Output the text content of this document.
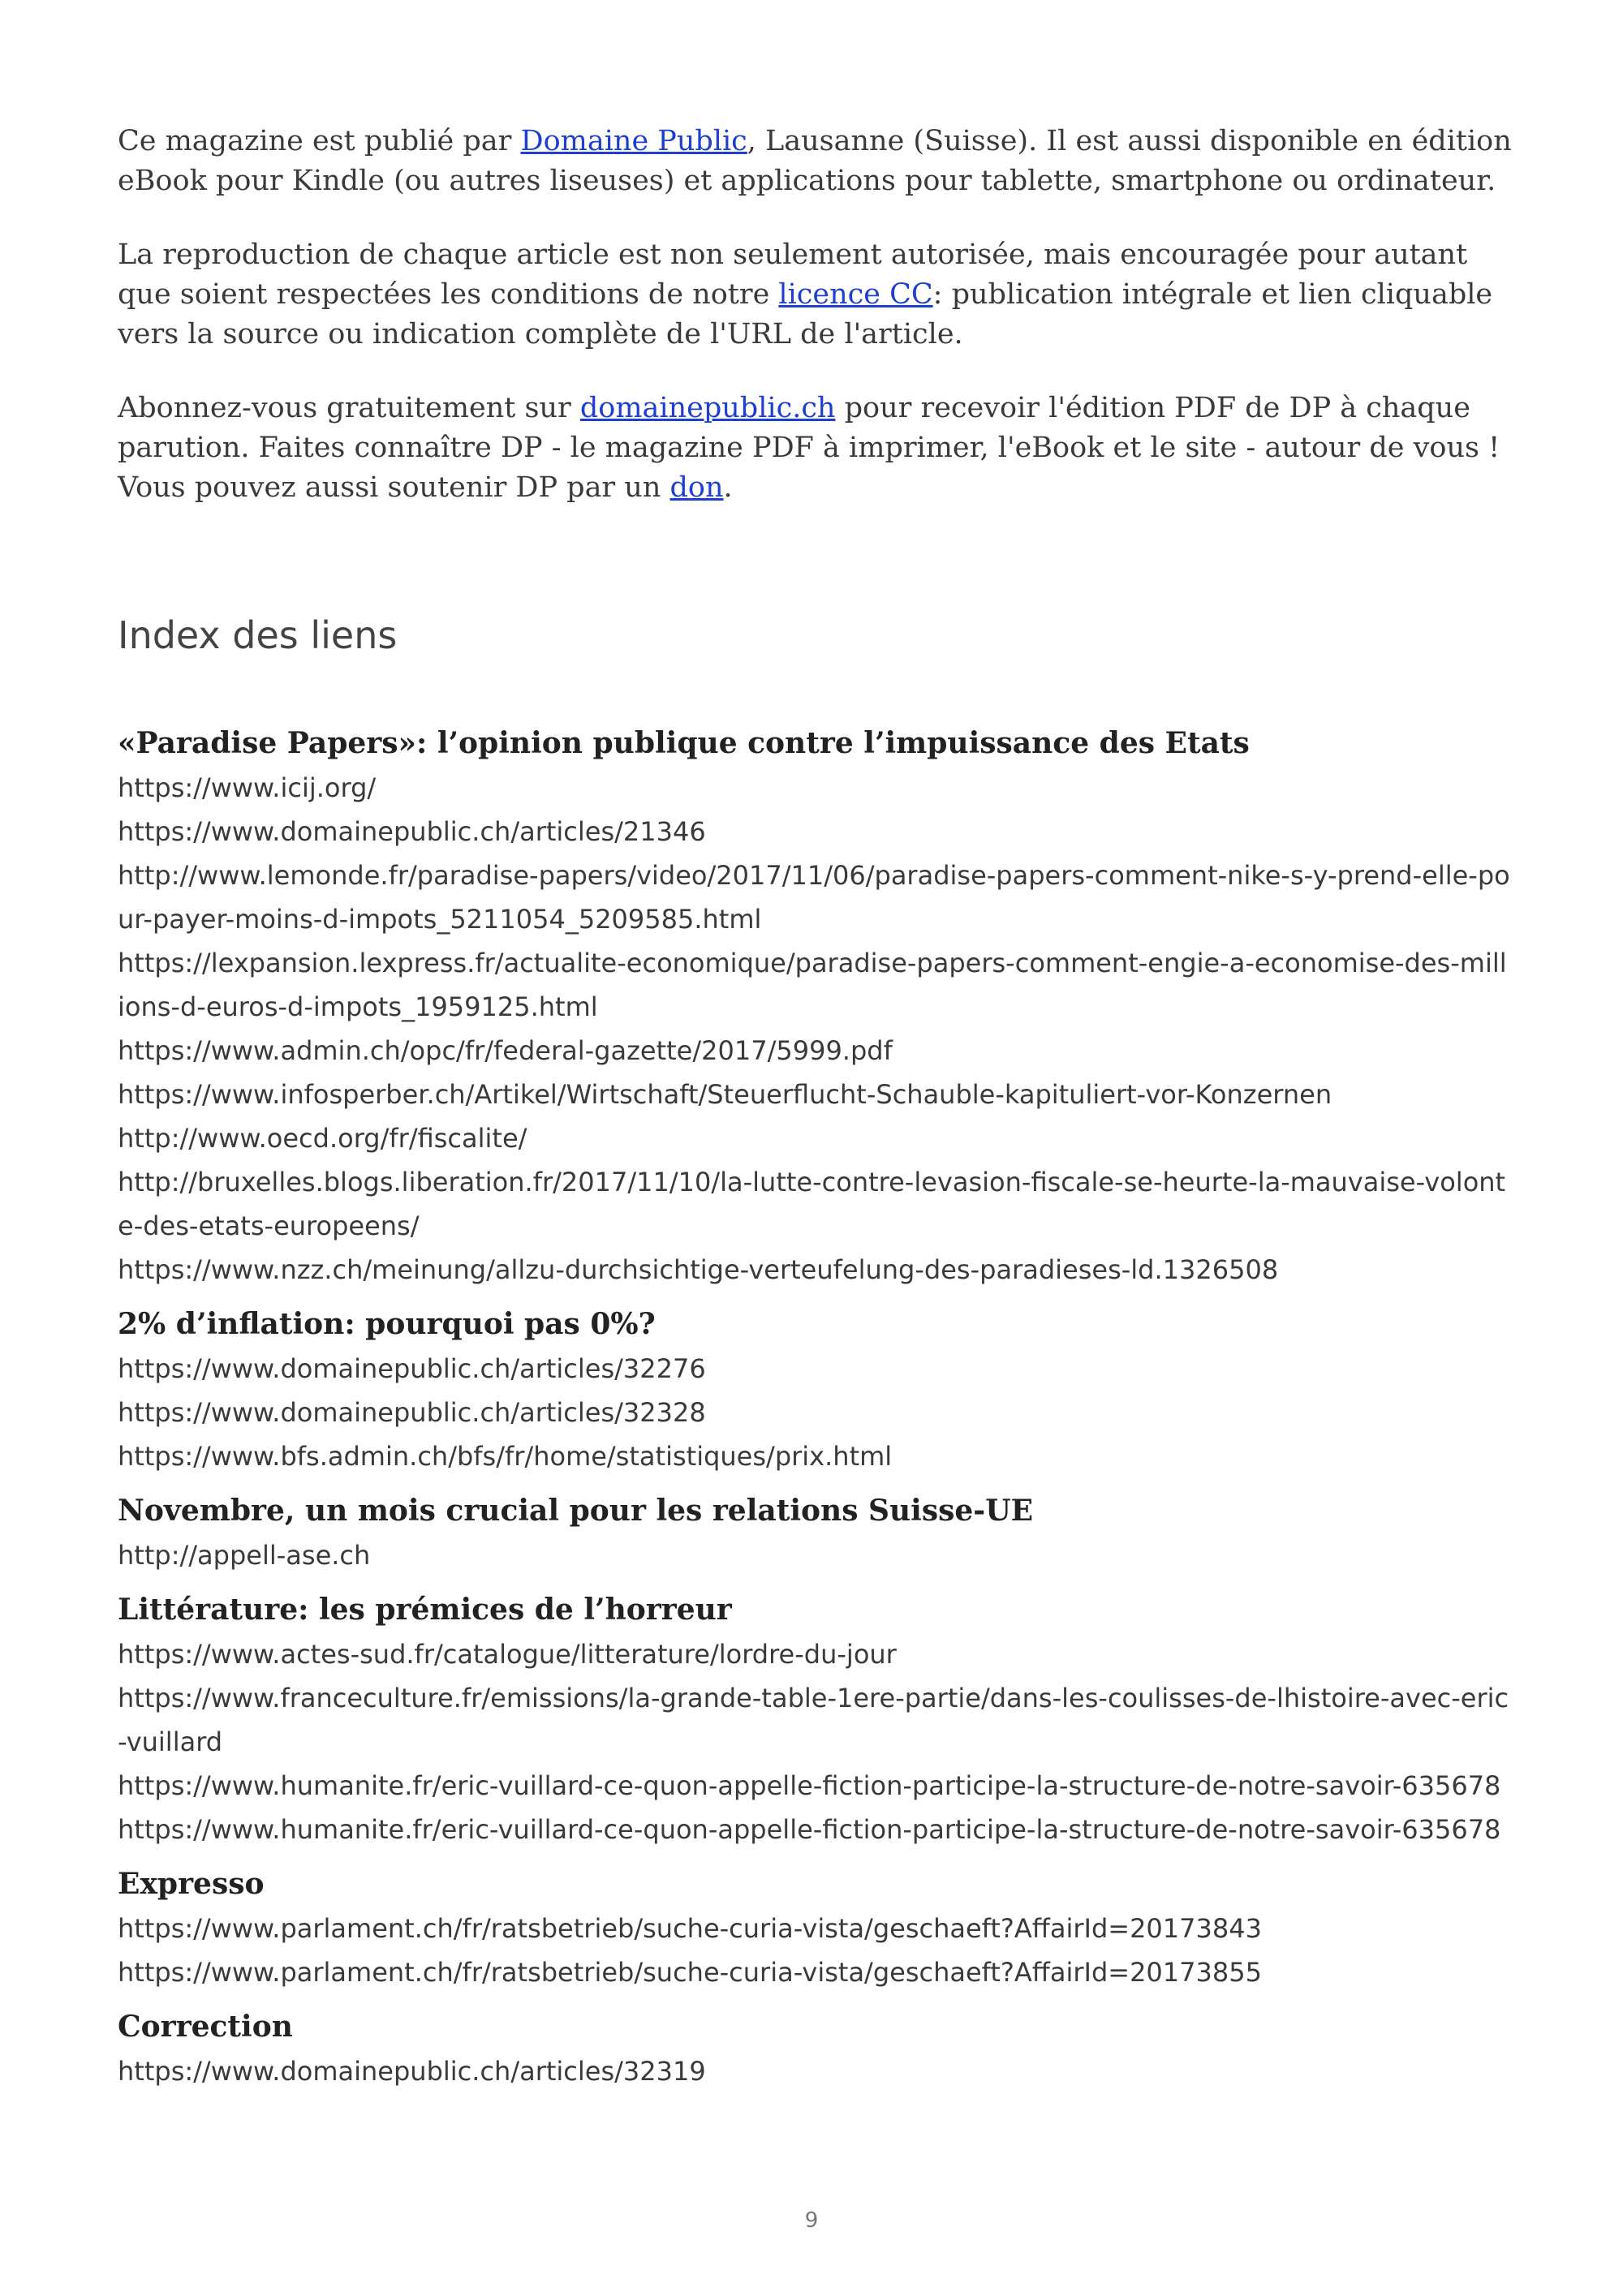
Ce magazine est publié par Domaine Public, Lausanne (Suisse). Il est aussi disponible en édition eBook pour Kindle (ou autres liseuses) et applications pour tablette, smartphone ou ordinateur.

La reproduction de chaque article est non seulement autorisée, mais encouragée pour autant que soient respectées les conditions de notre licence CC: publication intégrale et lien cliquable vers la source ou indication complète de l'URL de l'article.

Abonnez-vous gratuitement sur domainepublic.ch pour recevoir l'édition PDF de DP à chaque parution. Faites connaître DP - le magazine PDF à imprimer, l'eBook et le site - autour de vous ! Vous pouvez aussi soutenir DP par un don.

Index des liens
«Paradise Papers»: l’opinion publique contre l’impuissance des Etats
https://www.icij.org/
https://www.domainepublic.ch/articles/21346
http://www.lemonde.fr/paradise-papers/video/2017/11/06/paradise-papers-comment-nike-s-y-prend-elle-pour-payer-moins-d-impots_5211054_5209585.html
https://lexpansion.lexpress.fr/actualite-economique/paradise-papers-comment-engie-a-economise-des-millions-d-euros-d-impots_1959125.html
https://www.admin.ch/opc/fr/federal-gazette/2017/5999.pdf
https://www.infosperber.ch/Artikel/Wirtschaft/Steuerflucht-Schauble-kapituliert-vor-Konzernen
http://www.oecd.org/fr/fiscalite/
http://bruxelles.blogs.liberation.fr/2017/11/10/la-lutte-contre-levasion-fiscale-se-heurte-la-mauvaise-volonte-des-etats-europeens/
https://www.nzz.ch/meinung/allzu-durchsichtige-verteufelung-des-paradieses-ld.1326508
2% d’inflation: pourquoi pas 0%?
https://www.domainepublic.ch/articles/32276
https://www.domainepublic.ch/articles/32328
https://www.bfs.admin.ch/bfs/fr/home/statistiques/prix.html
Novembre, un mois crucial pour les relations Suisse-UE
http://appell-ase.ch
Littérature: les prémices de l’horreur
https://www.actes-sud.fr/catalogue/litterature/lordre-du-jour
https://www.franceculture.fr/emissions/la-grande-table-1ere-partie/dans-les-coulisses-de-lhistoire-avec-eric-vuillard
https://www.humanite.fr/eric-vuillard-ce-quon-appelle-fiction-participe-la-structure-de-notre-savoir-635678
https://www.humanite.fr/eric-vuillard-ce-quon-appelle-fiction-participe-la-structure-de-notre-savoir-635678
Expresso
https://www.parlament.ch/fr/ratsbetrieb/suche-curia-vista/geschaeft?AffairId=20173843
https://www.parlament.ch/fr/ratsbetrieb/suche-curia-vista/geschaeft?AffairId=20173855
Correction
https://www.domainepublic.ch/articles/32319
9
